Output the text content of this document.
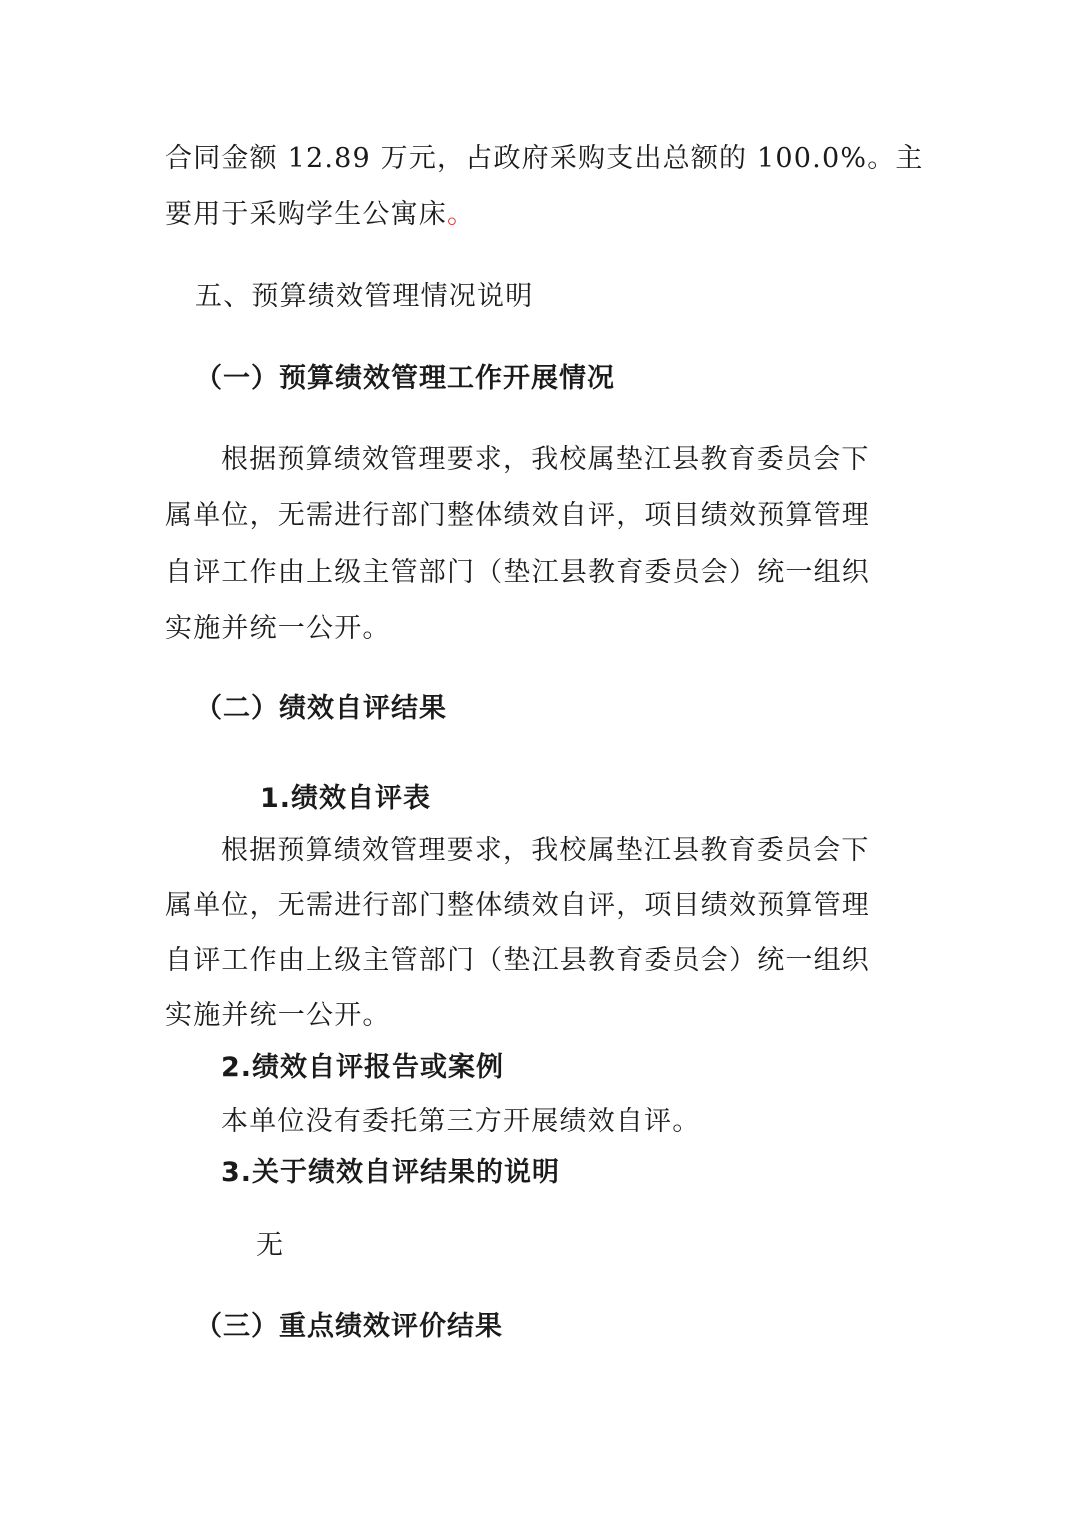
合同金额 12.89 万元，占政府采购支出总额的 100.0%。主
要用于采购学生公寓床。
五、预算绩效管理情况说明
（一）预算绩效管理工作开展情况
根据预算绩效管理要求，我校属垫江县教育委员会下
属单位，无需进行部门整体绩效自评，项目绩效预算管理
自评工作由上级主管部门（垫江县教育委员会）统一组织
实施并统一公开。
（二）绩效自评结果
1.绩效自评表
根据预算绩效管理要求，我校属垫江县教育委员会下
属单位，无需进行部门整体绩效自评，项目绩效预算管理
自评工作由上级主管部门（垫江县教育委员会）统一组织
实施并统一公开。
2.绩效自评报告或案例
本单位没有委托第三方开展绩效自评。
3.关于绩效自评结果的说明
无
（三）重点绩效评价结果
